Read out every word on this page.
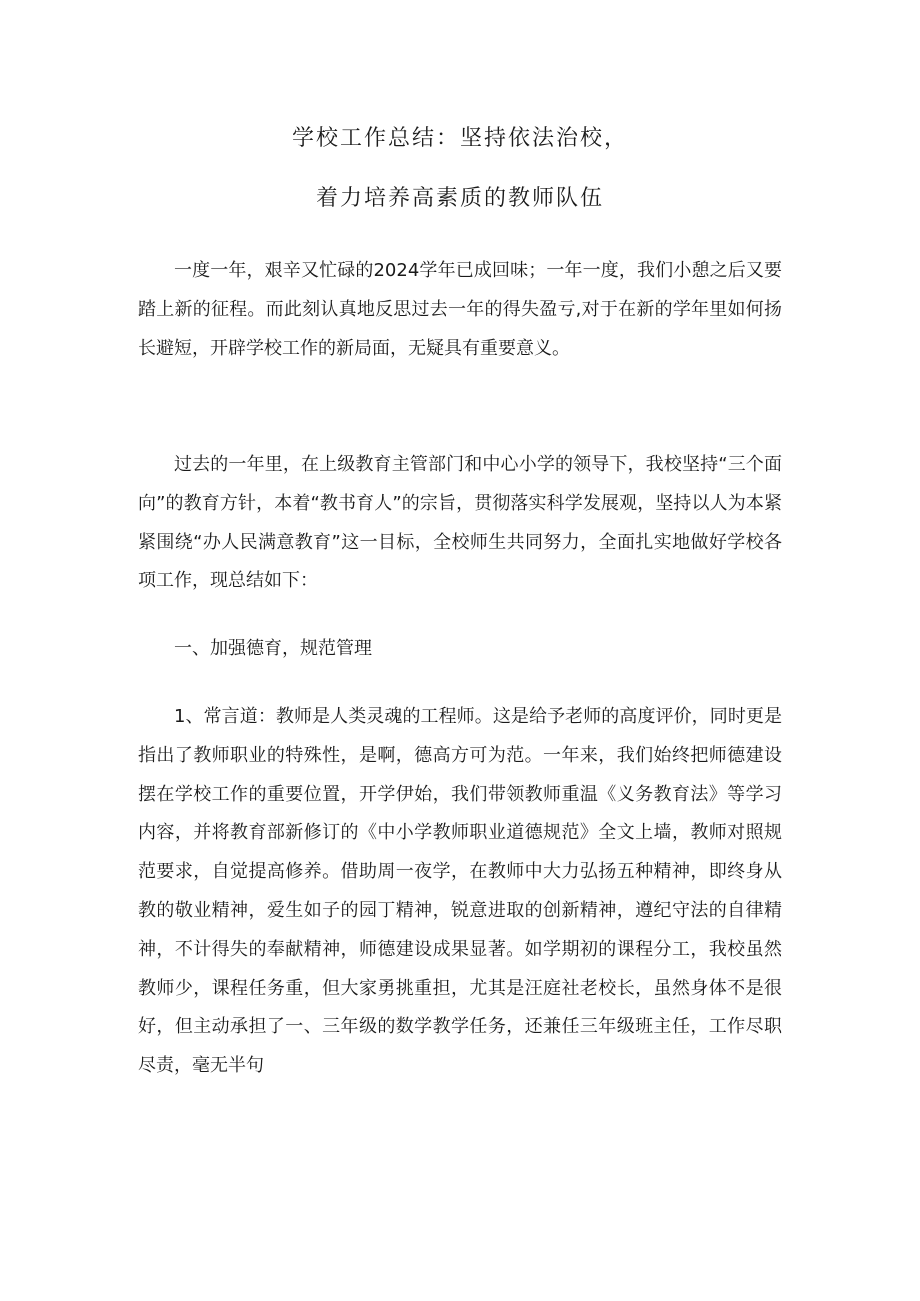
学校工作总结：坚持依法治校，
着力培养高素质的教师队伍

一度一年，艰辛又忙碌的2024学年已成回味；一年一度，我们小憩之后又要踏上新的征程。而此刻认真地反思过去一年的得失盈亏,对于在新的学年里如何扬长避短，开辟学校工作的新局面，无疑具有重要意义。

过去的一年里，在上级教育主管部门和中心小学的领导下，我校坚持“三个面向”的教育方针，本着“教书育人”的宗旨，贯彻落实科学发展观，坚持以人为本紧紧围绕“办人民满意教育”这一目标，全校师生共同努力，全面扎实地做好学校各项工作，现总结如下：

一、加强德育，规范管理

1、常言道：教师是人类灵魂的工程师。这是给予老师的高度评价，同时更是指出了教师职业的特殊性，是啊，德高方可为范。一年来，我们始终把师德建设摆在学校工作的重要位置，开学伊始，我们带领教师重温《义务教育法》等学习内容，并将教育部新修订的《中小学教师职业道德规范》全文上墙，教师对照规范要求，自觉提高修养。借助周一夜学，在教师中大力弘扬五种精神，即终身从教的敬业精神，爱生如子的园丁精神，锐意进取的创新精神，遵纪守法的自律精神，不计得失的奉献精神，师德建设成果显著。如学期初的课程分工，我校虽然教师少，课程任务重，但大家勇挑重担，尤其是汪庭社老校长，虽然身体不是很好，但主动承担了一、三年级的数学教学任务，还兼任三年级班主任，工作尽职尽责，毫无半句
